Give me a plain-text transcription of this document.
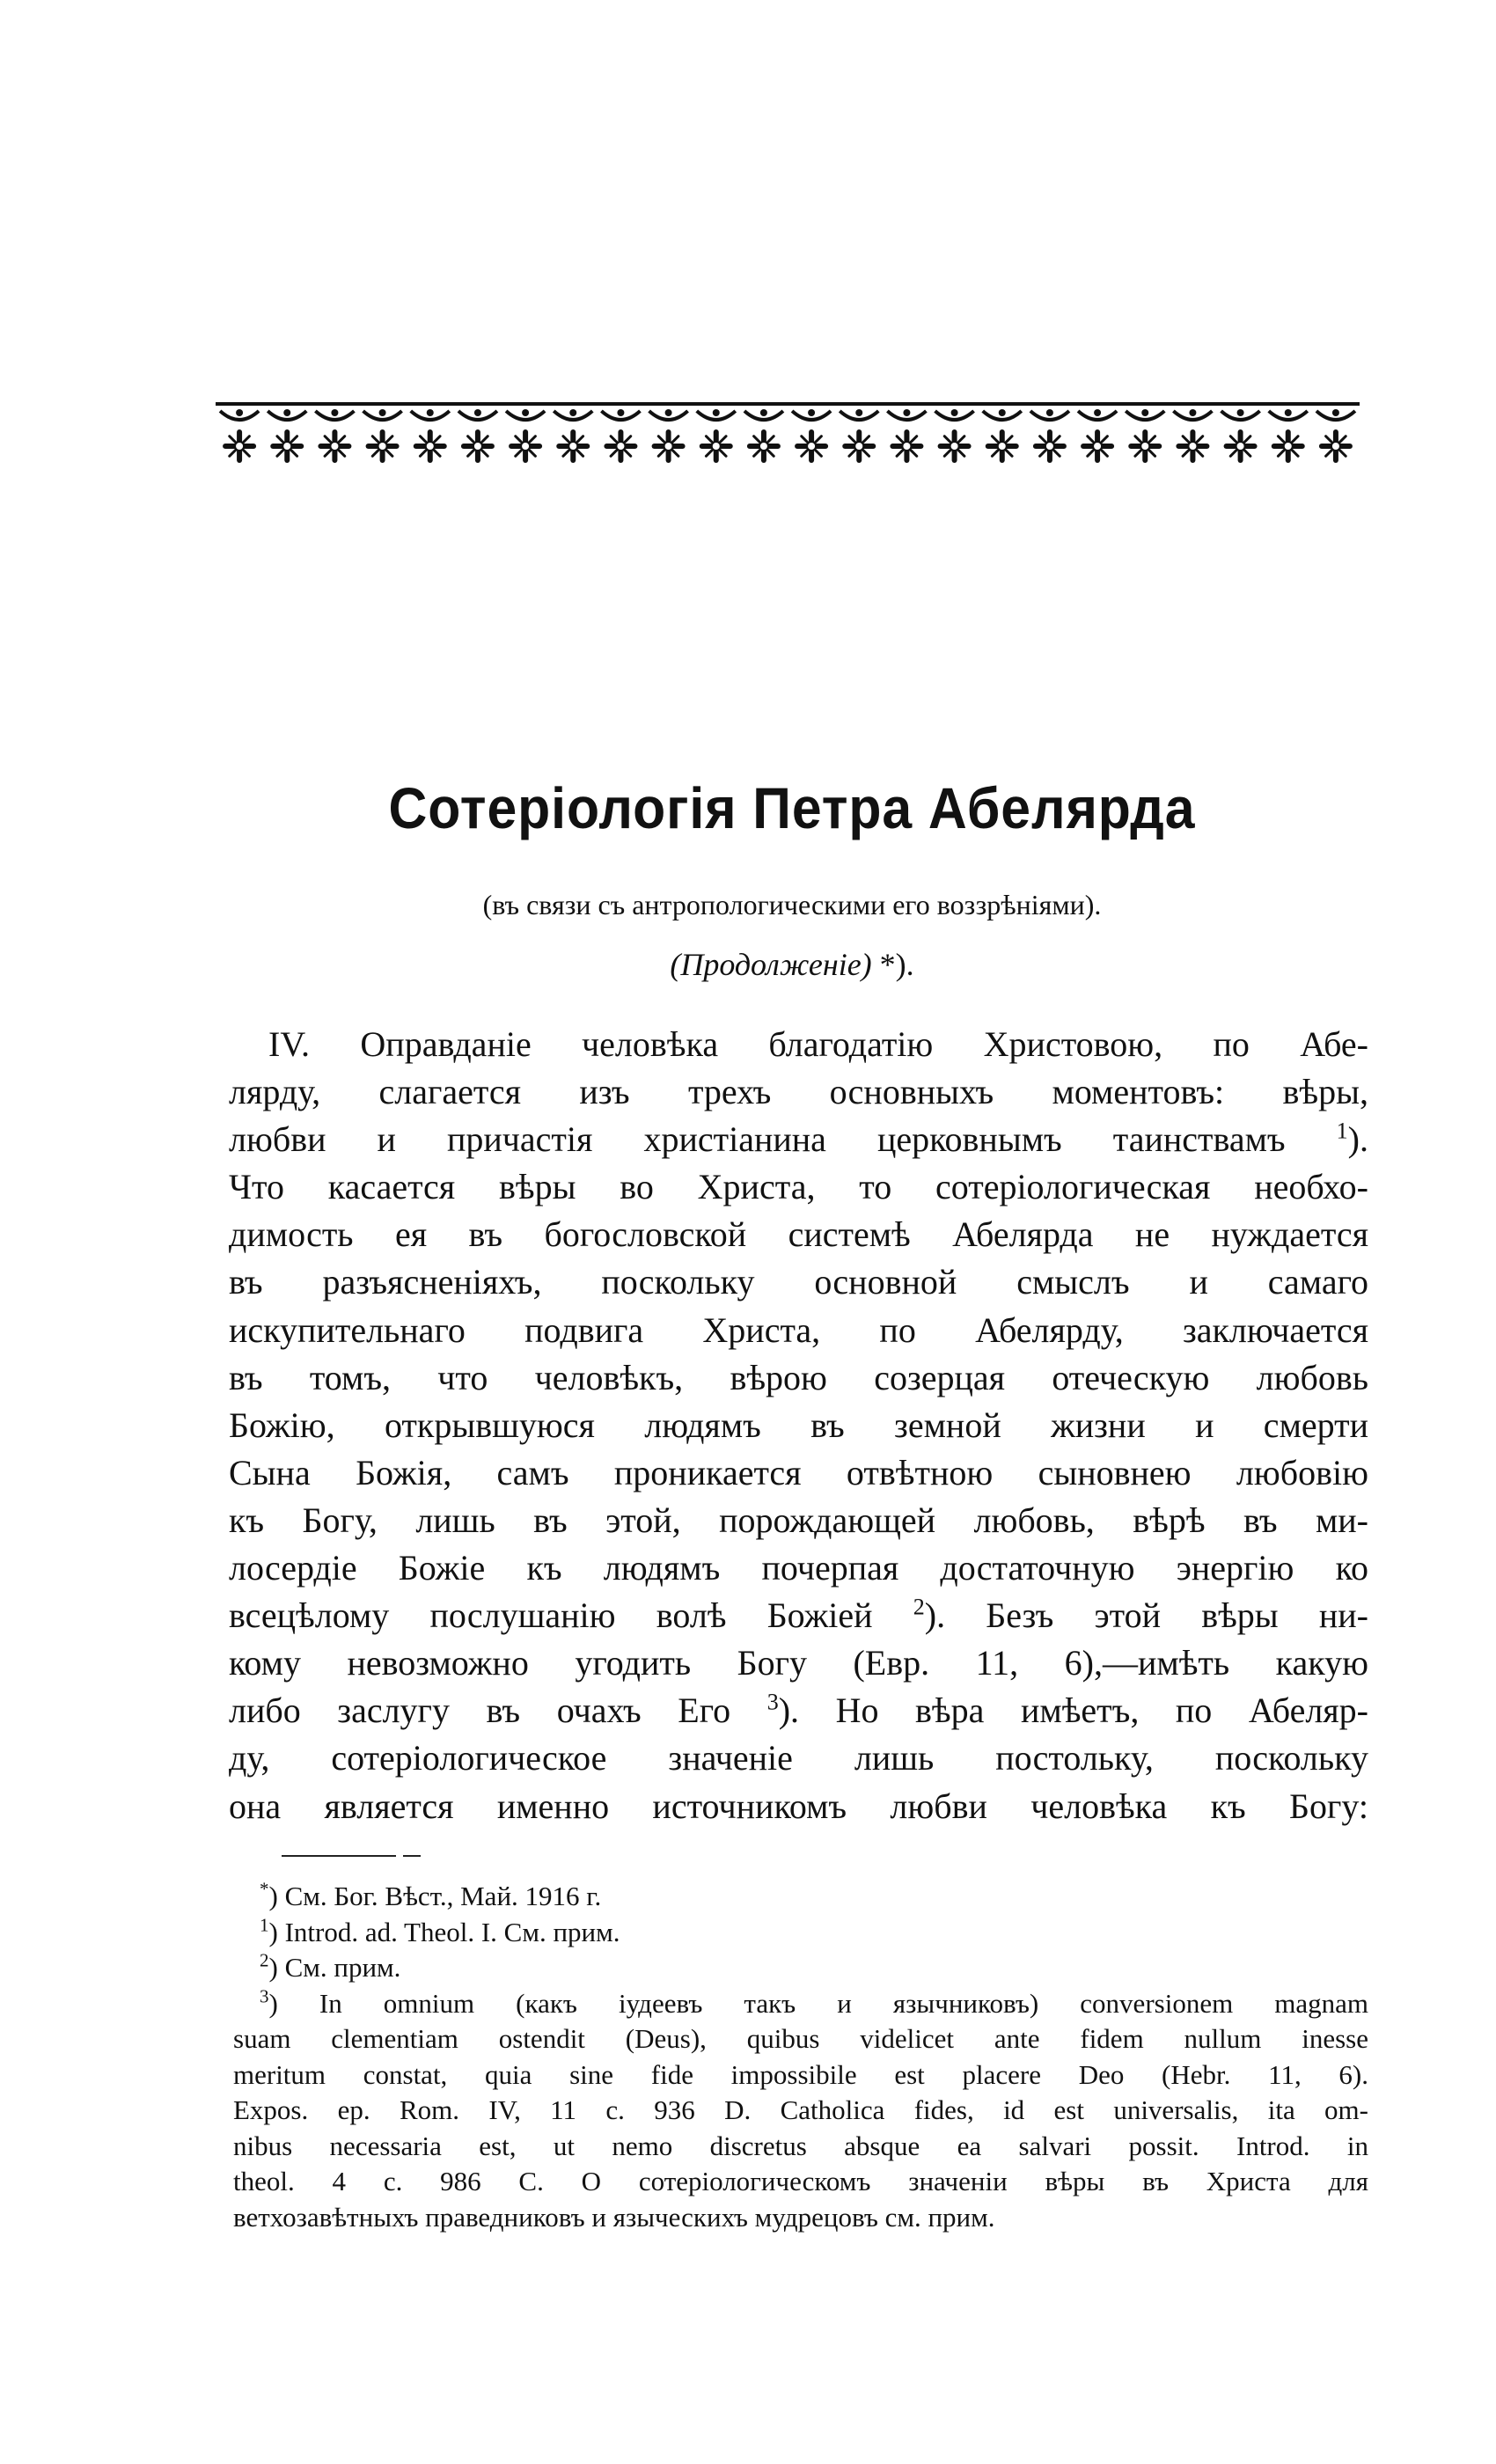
Сотеріологія Петра Абелярда
(въ связи съ антропологическими его воззрѣніями).
(Продолженіе) *).
IV. Оправданіе человѣка благодатію Христовою, по Абе-
лярду, слагается изъ трехъ основныхъ моментовъ: вѣры,
любви и причастія христіанина церковнымъ таинствамъ $^1$).
Что касается вѣры во Христа, то сотеріологическая необхо-
димость ея въ богословской системѣ Абелярда не нуждается
въ разъясненіяхъ, поскольку основной смыслъ и самаго
искупительнаго подвига Христа, по Абелярду, заключается
въ томъ, что человѣкъ, вѣрою созерцая отеческую любовь
Божію, открывшуюся людямъ въ земной жизни и смерти
Сына Божія, самъ проникается отвѣтною сыновнею любовію
къ Богу, лишь въ этой, порождающей любовь, вѣрѣ въ ми-
лосердіе Божіе къ людямъ почерпая достаточную энергію ко
всецѣлому послушанію волѣ Божіей $^2$). Безъ этой вѣры ни-
кому невозможно угодить Богу (Евр. 11, 6),—имѣть какую
либо заслугу въ очахъ Его $^3$). Но вѣра имѣетъ, по Абеляр-
ду, сотеріологическое значеніе лишь постольку, поскольку
она является именно источникомъ любви человѣка къ Богу:
*) См. Бог. Вѣст., Май. 1916 г.
$^1$) Introd. ad. Theol. I. См. прим.
$^2$) См. прим.
$^3$) In omnium (какъ іудеевъ такъ и язычниковъ) conversionem magnam
suam clementiam ostendit (Deus), quibus videlicet ante fidem nullum inesse
meritum constat, quia sine fide impossibile est placere Deo (Hebr. 11, 6).
Expos. ep. Rom. IV, 11 c. 936 D. Catholica fides, id est universalis, ita om-
nibus necessaria est, ut nemo discretus absque ea salvari possit. Introd. in
theol. 4 c. 986 C. О сотеріологическомъ значеніи вѣры въ Христа для
ветхозавѣтныхъ праведниковъ и языческихъ мудрецовъ см. прим.
